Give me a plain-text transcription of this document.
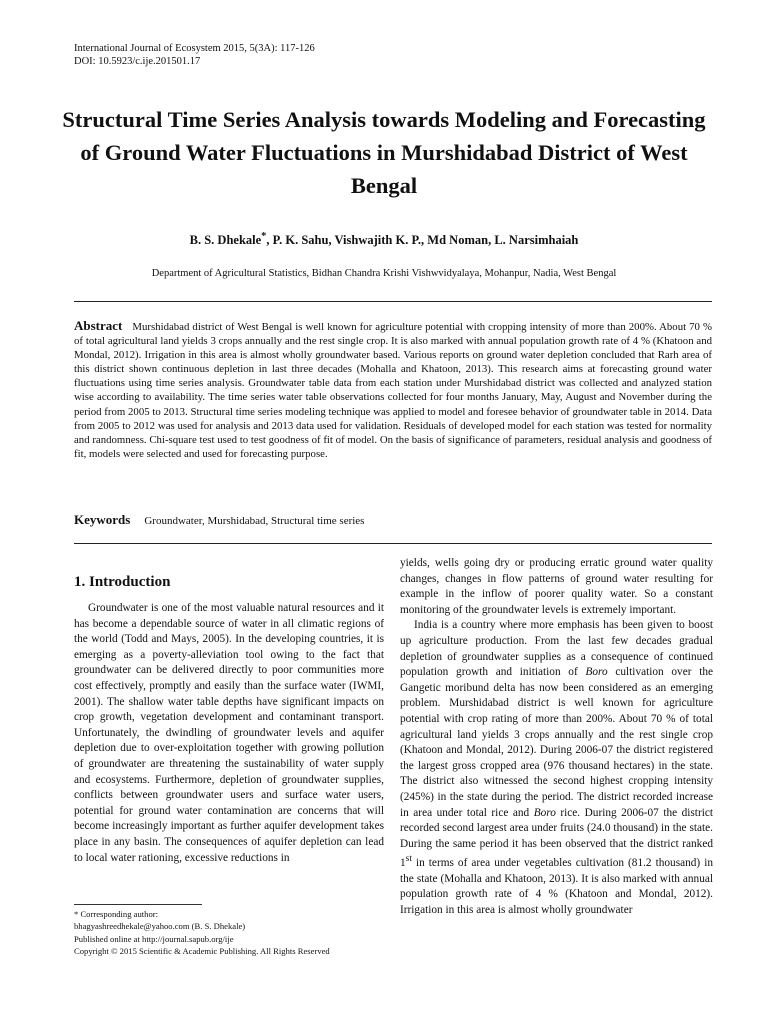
International Journal of Ecosystem 2015, 5(3A): 117-126
DOI: 10.5923/c.ije.201501.17
Structural Time Series Analysis towards Modeling and Forecasting of Ground Water Fluctuations in Murshidabad District of West Bengal
B. S. Dhekale*, P. K. Sahu, Vishwajith K. P., Md Noman, L. Narsimhaiah
Department of Agricultural Statistics, Bidhan Chandra Krishi Vishwvidyalaya, Mohanpur, Nadia, West Bengal

Abstract Murshidabad district of West Bengal is well known for agriculture potential with cropping intensity of more than 200%. About 70 % of total agricultural land yields 3 crops annually and the rest single crop. It is also marked with annual population growth rate of 4 % (Khatoon and Mondal, 2012). Irrigation in this area is almost wholly groundwater based. Various reports on ground water depletion concluded that Rarh area of this district shown continuous depletion in last three decades (Mohalla and Khatoon, 2013). This research aims at forecasting ground water fluctuations using time series analysis. Groundwater table data from each station under Murshidabad district was collected and analyzed station wise according to availability. The time series water table observations collected for four months January, May, August and November during the period from 2005 to 2013. Structural time series modeling technique was applied to model and foresee behavior of groundwater table in 2014. Data from 2005 to 2012 was used for analysis and 2013 data used for validation. Residuals of developed model for each station was tested for normality and randomness. Chi-square test used to test goodness of fit of model. On the basis of significance of parameters, residual analysis and goodness of fit, models were selected and used for forecasting purpose.

Keywords Groundwater, Murshidabad, Structural time series
1. Introduction

Groundwater is one of the most valuable natural resources and it has become a dependable source of water in all climatic regions of the world (Todd and Mays, 2005). In the developing countries, it is emerging as a poverty-alleviation tool owing to the fact that groundwater can be delivered directly to poor communities more cost effectively, promptly and easily than the surface water (IWMI, 2001). The shallow water table depths have significant impacts on crop growth, vegetation development and contaminant transport. Unfortunately, the dwindling of groundwater levels and aquifer depletion due to over-exploitation together with growing pollution of groundwater are threatening the sustainability of water supply and ecosystems. Furthermore, depletion of groundwater supplies, conflicts between groundwater users and surface water users, potential for ground water contamination are concerns that will become increasingly important as further aquifer development takes place in any basin. The consequences of aquifer depletion can lead to local water rationing, excessive reductions in

yields, wells going dry or producing erratic ground water quality changes, changes in flow patterns of ground water resulting for example in the inflow of poorer quality water. So a constant monitoring of the groundwater levels is extremely important.

India is a country where more emphasis has been given to boost up agriculture production. From the last few decades gradual depletion of groundwater supplies as a consequence of continued population growth and initiation of Boro cultivation over the Gangetic moribund delta has now been considered as an emerging problem. Murshidabad district is well known for agriculture potential with crop rating of more than 200%. About 70 % of total agricultural land yields 3 crops annually and the rest single crop (Khatoon and Mondal, 2012). During 2006-07 the district registered the largest gross cropped area (976 thousand hectares) in the state. The district also witnessed the second highest cropping intensity (245%) in the state during the period. The district recorded increase in area under total rice and Boro rice. During 2006-07 the district recorded second largest area under fruits (24.0 thousand) in the state. During the same period it has been observed that the district ranked 1st in terms of area under vegetables cultivation (81.2 thousand) in the state (Mohalla and Khatoon, 2013). It is also marked with annual population growth rate of 4 % (Khatoon and Mondal, 2012). Irrigation in this area is almost wholly groundwater

* Corresponding author:
bhagyashreedhekale@yahoo.com (B. S. Dhekale)
Published online at http://journal.sapub.org/ije
Copyright © 2015 Scientific & Academic Publishing. All Rights Reserved
